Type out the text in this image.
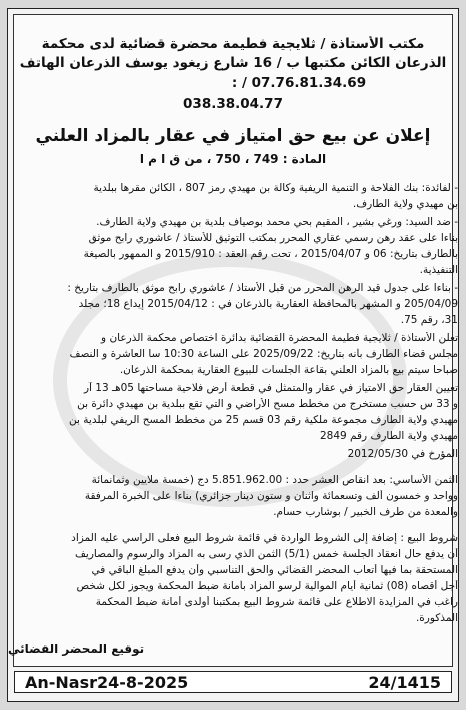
مكتب الأستاذة / ثلايجية فطيمة محضرة قضائية لدى محكمة
الذرعان الكائن مكتبها ب / 16 شارع زيغود يوسف الذرعان الهاتف
07.76.81.34.69 / :
038.38.04.77
إعلان عن بيع حق امتياز في عقار بالمزاد العلني
المادة : 749 ، 750 ، من ق ا م ا
- لفائدة: بنك الفلاحة و التنمية الريفية وكالة بن مهيدي رمز 807 ، الكائن مقرها ببلدية
بن مهيدي ولاية الطارف.
- ضد السيد: ورغي بشير ، المقيم بحي محمد بوصياف بلدية بن مهيدي ولاية الطارف.
بناءا على عقد رهن رسمي عقاري المحرر بمكتب التوثيق للأستاذ / عاشوري رابح موثق
بالطارف بتاريخ: 06 و 2015/04/07 ، تحت رقم العقد : 2015/910 و الممهور بالصيغة
التنفيذية.
- بناءا على جدول قيد الرهن المحرر من قبل الأستاذ / عاشوري رابح موثق بالطارف بتاريخ :
205/04/09 و المشهر بالمحافظة العقارية بالذرعان في : 2015/04/12 إيداع 18؛ مجلد
31، رقم 75.
تعلن الأستاذة / ثلايجية فطيمة المحضرة القضائية بدائرة اختصاص محكمة الذرعان و
مجلس قضاء الطارف بأنه بتاريخ: 2025/09/22 على الساعة 10:30 سا العاشرة و النصف
صباحا سيتم بيع بالمزاد العلني بقاعة الجلسات للبيوع العقارية بمحكمة الذرعان.
تعيين العقار حق الامتياز في عقار والمتمثل في قطعة أرض فلاحية مساحتها 05هـ 13 آر
و 33 س حسب مستخرج من مخطط مسح الأراضي و التي تقع ببلدية بن مهيدي دائرة بن
مهيدي ولاية الطارف مجموعة ملكية رقم 03 قسم 25 من مخطط المسح الريفي لبلدية بن
مهيدي ولاية الطارف رقم 2849
المؤرخ في 2012/05/30
الثمن الأساسي: بعد انقاص العشر حدد : 5.851.962.00 دج (خمسة ملايين وثمانمائة
وواحد و خمسون ألف وتسعمائة واثنان و ستون دينار جزائري) بناءا على الخبرة المرفقة
والمعدة من طرف الخبير / بوشارب حسام.
شروط البيع : إضافة إلى الشروط الواردة في قائمة شروط البيع فعلى الراسي عليه المزاد
أن يدفع حال انعقاد الجلسة خمس (5/1) الثمن الذي رسى به المزاد والرسوم والمصاريف
المستحقة بما فيها أتعاب المحضر القضائي والحق التناسبي وأن يدفع المبلغ الباقي في
أجل أقصاه (08) ثمانية أيام الموالية لرسو المزاد بأمانة ضبط المحكمة ويجوز لكل شخص
راغب في المزايدة الاطلاع على قائمة شروط البيع بمكتبنا أولدى أمانة ضبط المحكمة
المذكورة.
توقيع المحضر القضائي
An-Nasr24-8-2025	24/1415
